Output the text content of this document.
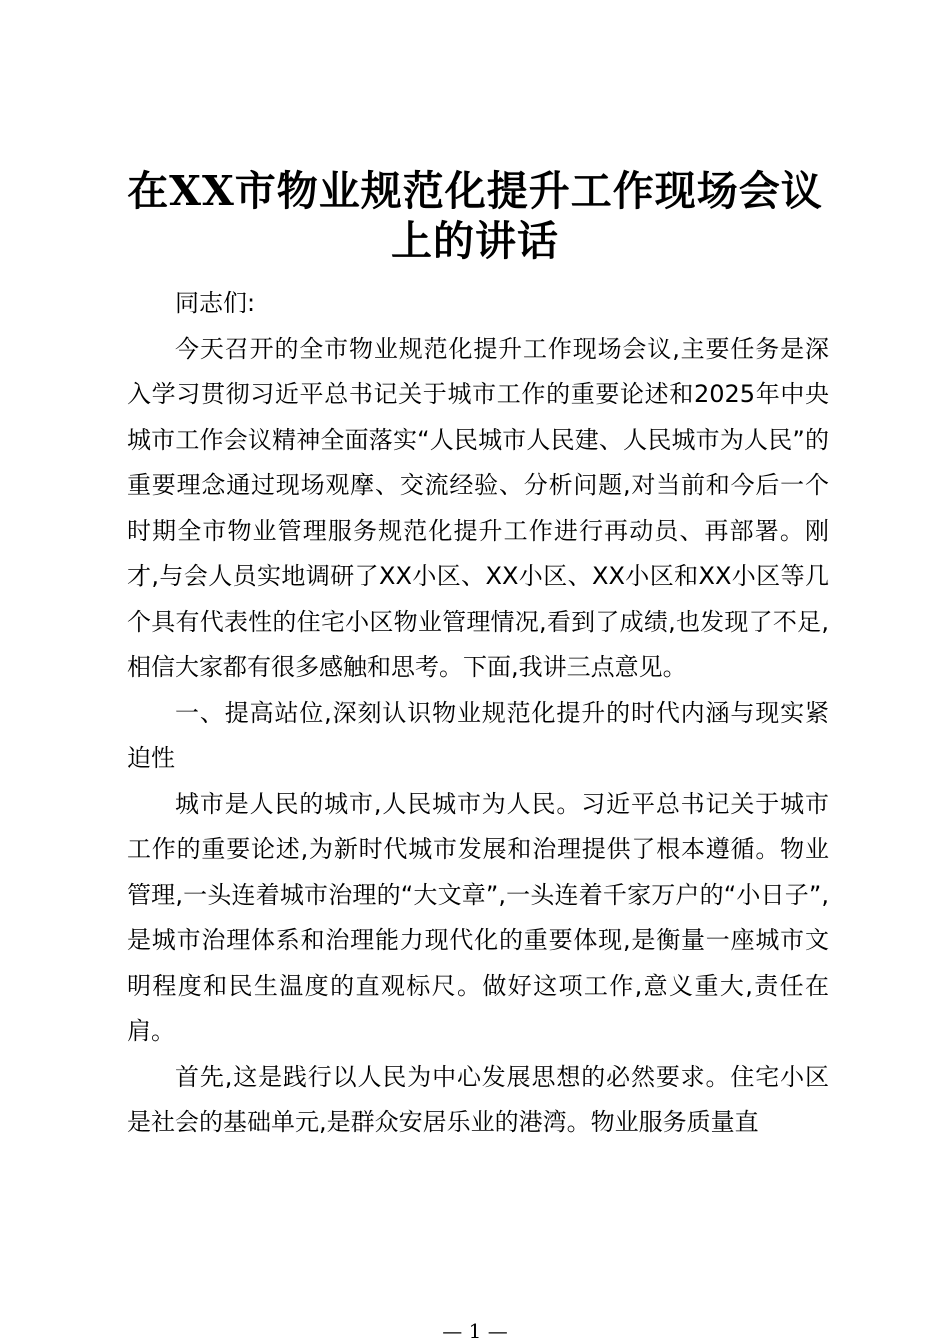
在XX市物业规范化提升工作现场会议
上的讲话

同志们:

今天召开的全市物业规范化提升工作现场会议,主要任务是深入学习贯彻习近平总书记关于城市工作的重要论述和2025年中央城市工作会议精神全面落实“人民城市人民建、人民城市为人民”的重要理念通过现场观摩、交流经验、分析问题,对当前和今后一个时期全市物业管理服务规范化提升工作进行再动员、再部署。刚才,与会人员实地调研了XX小区、XX小区、XX小区和XX小区等几个具有代表性的住宅小区物业管理情况,看到了成绩,也发现了不足,相信大家都有很多感触和思考。下面,我讲三点意见。

一、提高站位,深刻认识物业规范化提升的时代内涵与现实紧迫性

城市是人民的城市,人民城市为人民。习近平总书记关于城市工作的重要论述,为新时代城市发展和治理提供了根本遵循。物业管理,一头连着城市治理的“大文章”,一头连着千家万户的“小日子”,是城市治理体系和治理能力现代化的重要体现,是衡量一座城市文明程度和民生温度的直观标尺。做好这项工作,意义重大,责任在肩。

首先,这是践行以人民为中心发展思想的必然要求。住宅小区是社会的基础单元,是群众安居乐业的港湾。物业服务质量直

— 1 —
